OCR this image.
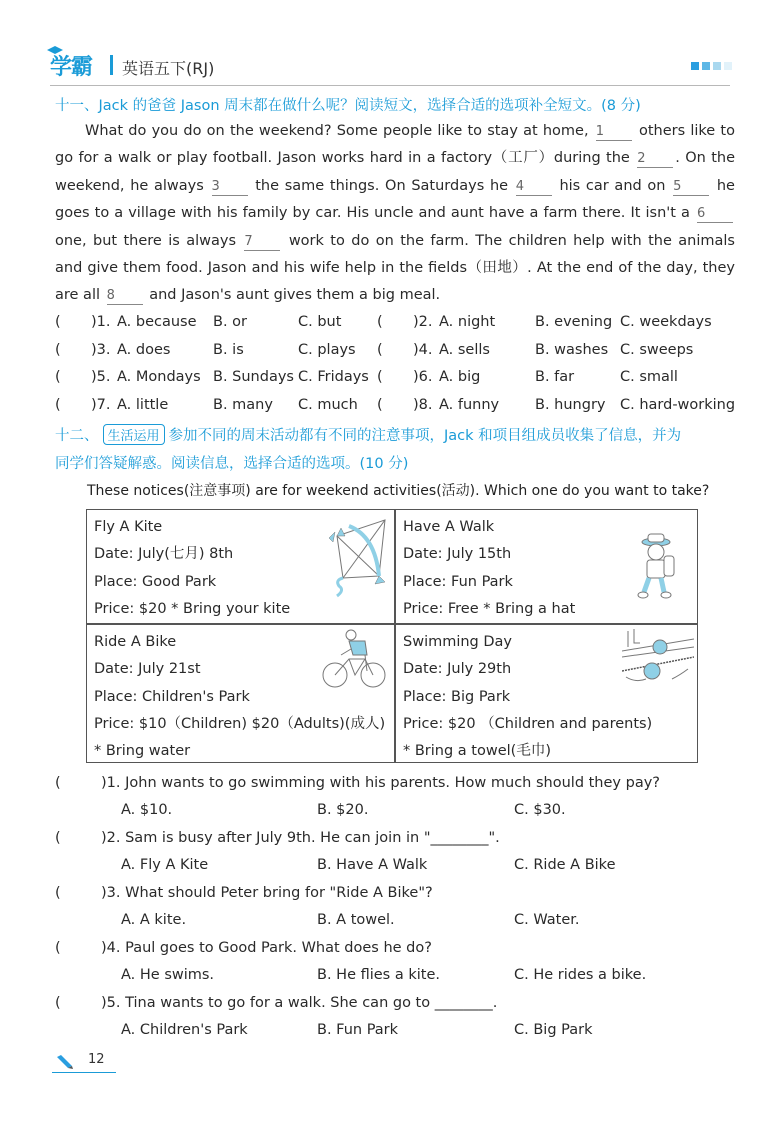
学霸 英语五下(RJ)
十一、Jack 的爸爸 Jason 周末都在做什么呢？阅读短文，选择合适的选项补全短文。(8 分)
What do you do on the weekend? Some people like to stay at home, 1 others like to go for a walk or play football. Jason works hard in a factory（工厂）during the 2 . On the weekend, he always 3 the same things. On Saturdays he 4 his car and on 5 he goes to a village with his family by car. His uncle and aunt have a farm there. It isn't a 6 one, but there is always 7 work to do on the farm. The children help with the animals and give them food. Jason and his wife help in the fields（田地）. At the end of the day, they are all 8 and Jason's aunt gives them a big meal.
( )1. A. because B. or	C. but ( )2. A. night	B. evening C. weekdays
( )3. A. does	B. is	C. plays ( )4. A. sells	B. washes C. sweeps
( )5. A. Mondays B. Sundays C. Fridays ( )6. A. big	B. far	C. small
( )7. A. little	B. many C. much ( )8. A. funny B. hungry C. hard-working
十二、 生活运用 参加不同的周末活动都有不同的注意事项，Jack 和项目组成员收集了信息，并为
同学们答疑解惑。阅读信息，选择合适的选项。(10 分)
These notices(注意事项) are for weekend activities(活动). Which one do you want to take?
Fly A Kite
Date: July(七月) 8th
Place: Good Park
Price: $20 * Bring your kite
Have A Walk
Date: July 15th
Place: Fun Park
Price: Free * Bring a hat
Ride A Bike
Date: July 21st
Place: Children's Park
Price: $10（Children) $20（Adults)(成人)
* Bring water
Swimming Day
Date: July 29th
Place: Big Park
Price: $20 （Children and parents)
* Bring a towel(毛巾)
(	)1. John wants to go swimming with his parents. How much should they pay?
A. $10.	B. $20.	C. $30.
(	)2. Sam is busy after July 9th. He can join in "________".
A. Fly A Kite	B. Have A Walk	C. Ride A Bike
(	)3. What should Peter bring for "Ride A Bike"?
A. A kite.	B. A towel.	C. Water.
(	)4. Paul goes to Good Park. What does he do?
A. He swims.	B. He flies a kite.	C. He rides a bike.
(	)5. Tina wants to go for a walk. She can go to ________.
A. Children's Park	B. Fun Park	C. Big Park
12
